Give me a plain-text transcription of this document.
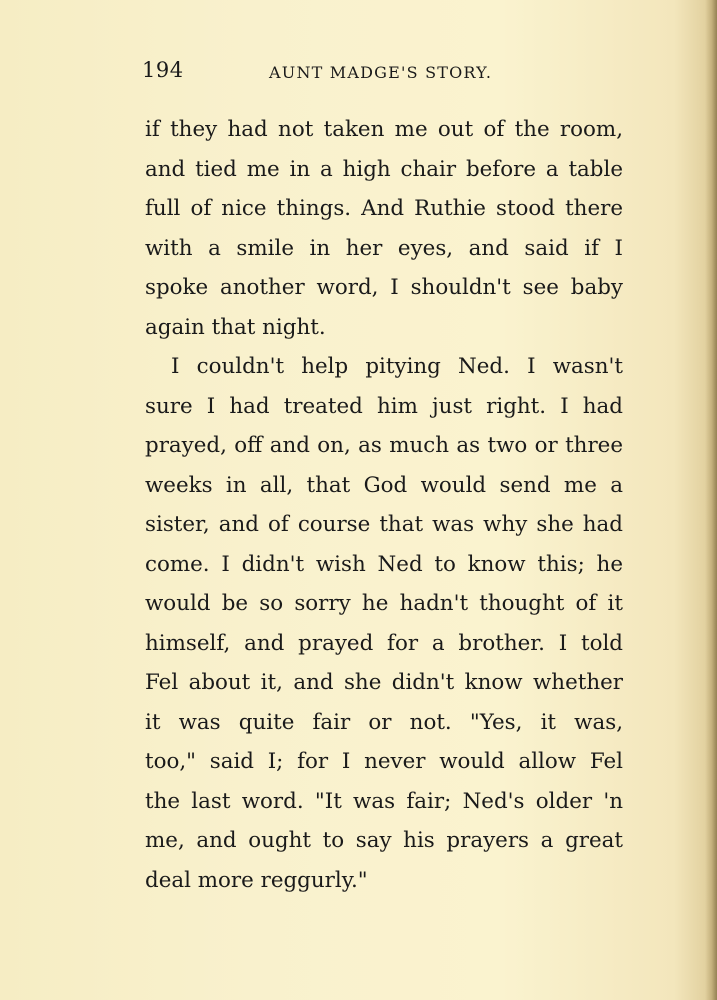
194	AUNT MADGE'S STORY.
if they had not taken me out of the room,
and tied me in a high chair before a table
full of nice things. And Ruthie stood there
with a smile in her eyes, and said if I
spoke another word, I shouldn't see baby
again that night.
I couldn't help pitying Ned. I wasn't
sure I had treated him just right. I had
prayed, off and on, as much as two or three
weeks in all, that God would send me a
sister, and of course that was why she had
come. I didn't wish Ned to know this; he
would be so sorry he hadn't thought of it
himself, and prayed for a brother. I told
Fel about it, and she didn't know whether
it was quite fair or not. "Yes, it was,
too," said I; for I never would allow Fel
the last word. "It was fair; Ned's older 'n
me, and ought to say his prayers a great
deal more reggurly."
